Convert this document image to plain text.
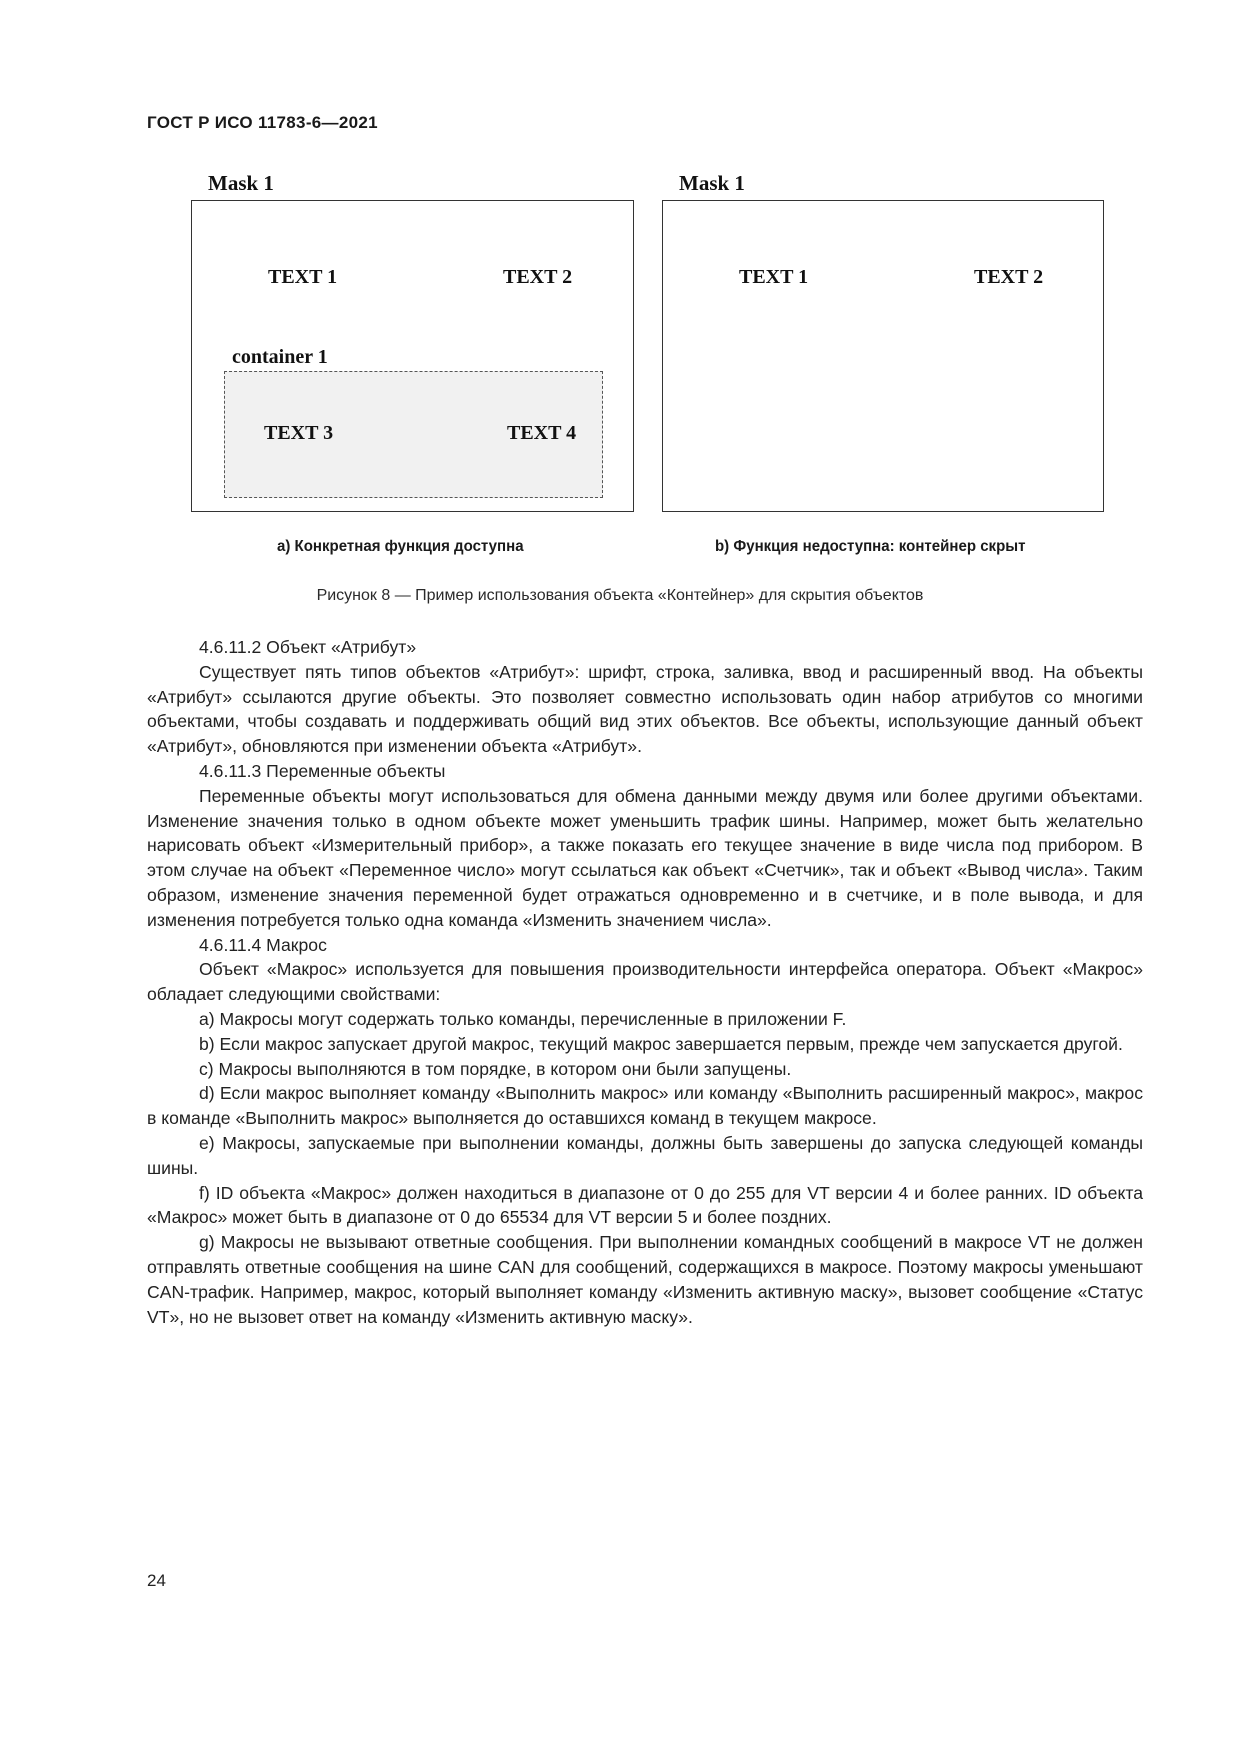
ГОСТ Р ИСО 11783-6—2021
Mask 1
TEXT 1	TEXT 2
container 1
TEXT 3	TEXT 4
Mask 1
TEXT 1	TEXT 2
а) Конкретная функция доступна	b) Функция недоступна: контейнер скрыт
Рисунок 8 — Пример использования объекта «Контейнер» для скрытия объектов

4.6.11.2 Объект «Атрибут»

Существует пять типов объектов «Атрибут»: шрифт, строка, заливка, ввод и расширенный ввод. На объекты «Атрибут» ссылаются другие объекты. Это позволяет совместно использовать один набор атрибутов со многими объектами, чтобы создавать и поддерживать общий вид этих объектов. Все объекты, использующие данный объект «Атрибут», обновляются при изменении объекта «Атрибут».

4.6.11.3 Переменные объекты

Переменные объекты могут использоваться для обмена данными между двумя или более другими объектами. Изменение значения только в одном объекте может уменьшить трафик шины. Например, может быть желательно нарисовать объект «Измерительный прибор», а также показать его текущее значение в виде числа под прибором. В этом случае на объект «Переменное число» могут ссылаться как объект «Счетчик», так и объект «Вывод числа». Таким образом, изменение значения переменной будет отражаться одновременно и в счетчике, и в поле вывода, и для изменения потребуется только одна команда «Изменить значением числа».

4.6.11.4 Макрос

Объект «Макрос» используется для повышения производительности интерфейса оператора. Объект «Макрос» обладает следующими свойствами:

a) Макросы могут содержать только команды, перечисленные в приложении F.

b) Если макрос запускает другой макрос, текущий макрос завершается первым, прежде чем запускается другой.

c) Макросы выполняются в том порядке, в котором они были запущены.

d) Если макрос выполняет команду «Выполнить макрос» или команду «Выполнить расширенный макрос», макрос в команде «Выполнить макрос» выполняется до оставшихся команд в текущем макросе.

e) Макросы, запускаемые при выполнении команды, должны быть завершены до запуска следующей команды шины.

f) ID объекта «Макрос» должен находиться в диапазоне от 0 до 255 для VT версии 4 и более ранних. ID объекта «Макрос» может быть в диапазоне от 0 до 65534 для VT версии 5 и более поздних.

g) Макросы не вызывают ответные сообщения. При выполнении командных сообщений в макросе VT не должен отправлять ответные сообщения на шине CAN для сообщений, содержащихся в макросе. Поэтому макросы уменьшают CAN-трафик. Например, макрос, который выполняет команду «Изменить активную маску», вызовет сообщение «Статус VT», но не вызовет ответ на команду «Изменить активную маску».

24
